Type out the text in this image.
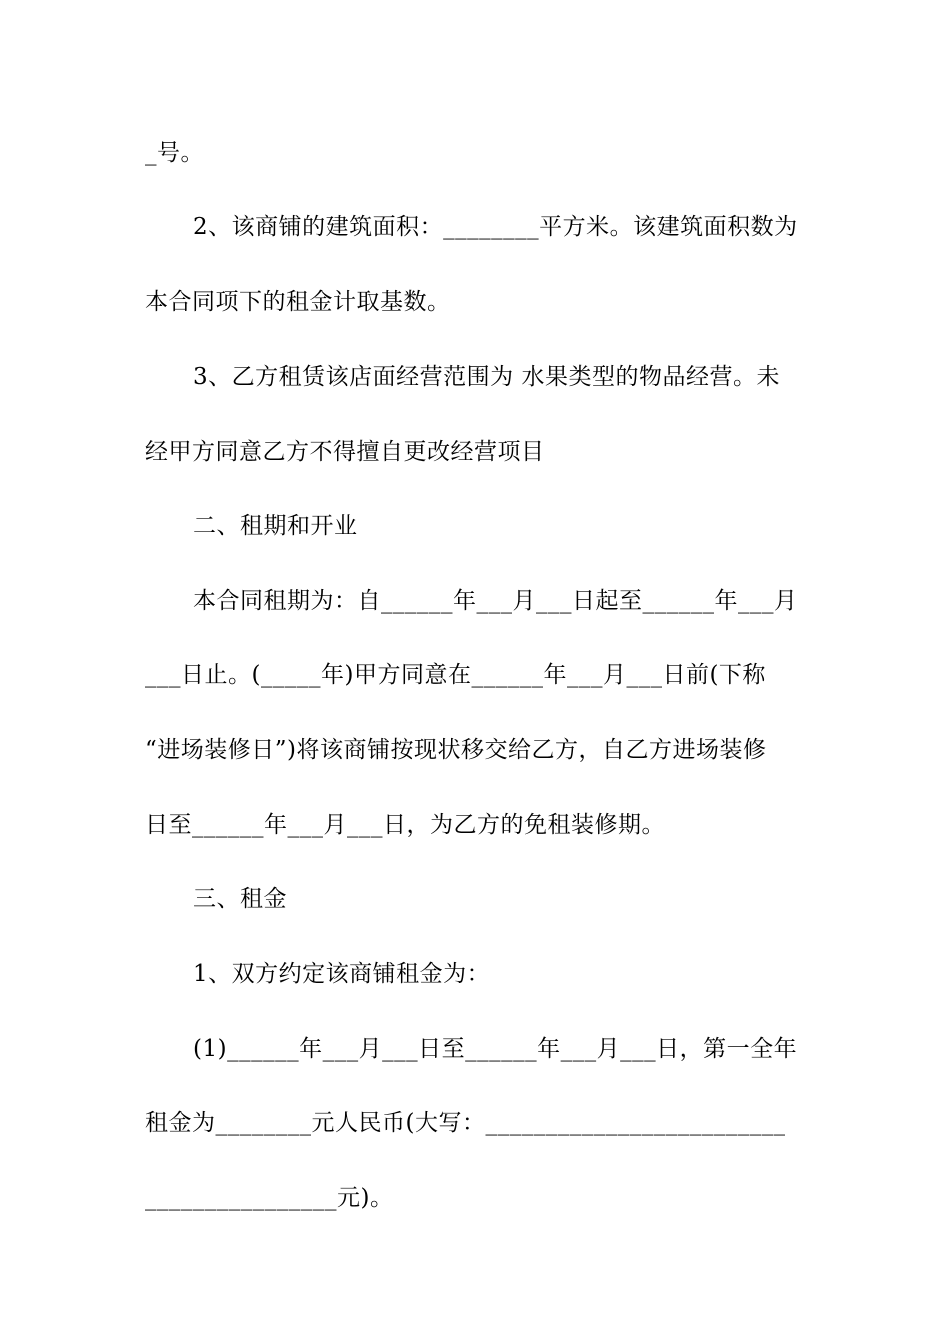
_号。
2、该商铺的建筑面积：________平方米。该建筑面积数为
本合同项下的租金计取基数。
3、乙方租赁该店面经营范围为 水果类型的物品经营。未
经甲方同意乙方不得擅自更改经营项目
二、租期和开业
本合同租期为：自______年___月___日起至______年___月
___日止。(_____年)甲方同意在______年___月___日前(下称
“进场装修日”)将该商铺按现状移交给乙方，自乙方进场装修
日至______年___月___日，为乙方的免租装修期。
三、租金
1、双方约定该商铺租金为：
(1)______年___月___日至______年___月___日，第一全年
租金为________元人民币(大写：_________________________
________________元)。
